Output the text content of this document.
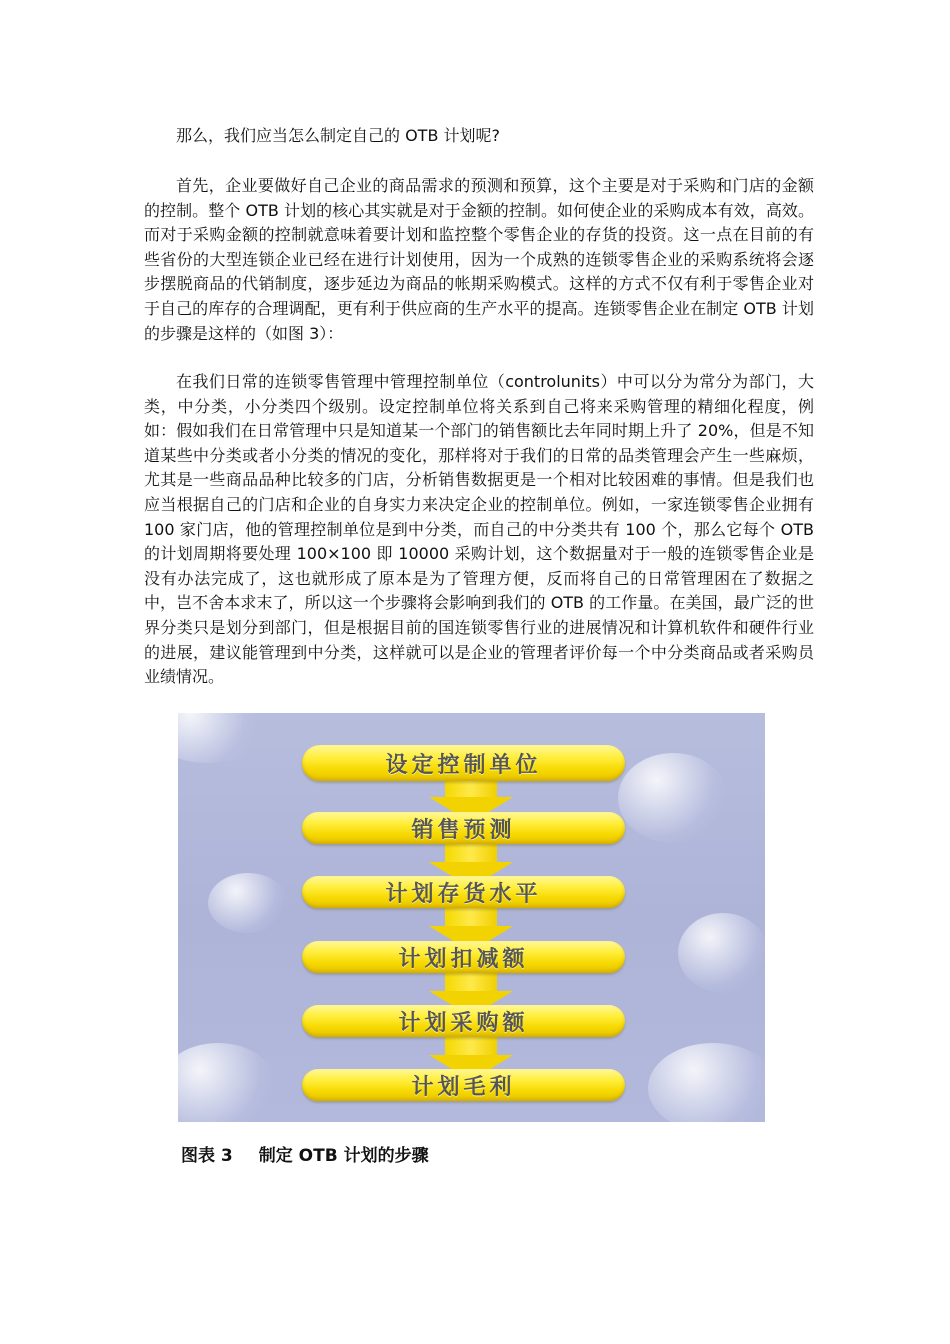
那么，我们应当怎么制定自己的 OTB 计划呢?

首先，企业要做好自己企业的商品需求的预测和预算，这个主要是对于采购和门店的金额的控制。整个 OTB 计划的核心其实就是对于金额的控制。如何使企业的采购成本有效，高效。而对于采购金额的控制就意味着要计划和监控整个零售企业的存货的投资。这一点在目前的有些省份的大型连锁企业已经在进行计划使用，因为一个成熟的连锁零售企业的采购系统将会逐步摆脱商品的代销制度，逐步延边为商品的帐期采购模式。这样的方式不仅有利于零售企业对于自己的库存的合理调配，更有利于供应商的生产水平的提高。连锁零售企业在制定 OTB 计划的步骤是这样的（如图 3）：

在我们日常的连锁零售管理中管理控制单位（controlunits）中可以分为常分为部门，大类，中分类，小分类四个级别。设定控制单位将关系到自己将来采购管理的精细化程度，例如：假如我们在日常管理中只是知道某一个部门的销售额比去年同时期上升了 20%，但是不知道某些中分类或者小分类的情况的变化，那样将对于我们的日常的品类管理会产生一些麻烦，尤其是一些商品品种比较多的门店，分析销售数据更是一个相对比较困难的事情。但是我们也应当根据自己的门店和企业的自身实力来决定企业的控制单位。例如，一家连锁零售企业拥有 100 家门店，他的管理控制单位是到中分类，而自己的中分类共有 100 个，那么它每个 OTB 的计划周期将要处理 100×100 即 10000 采购计划，这个数据量对于一般的连锁零售企业是没有办法完成了，这也就形成了原本是为了管理方便，反而将自己的日常管理困在了数据之中，岂不舍本求末了，所以这一个步骤将会影响到我们的 OTB 的工作量。在美国，最广泛的世界分类只是划分到部门，但是根据目前的国连锁零售行业的进展情况和计算机软件和硬件行业的进展，建议能管理到中分类，这样就可以是企业的管理者评价每一个中分类商品或者采购员业绩情况。

设定控制单位
销售预测
计划存货水平
计划扣减额
计划采购额
计划毛利
图表 3 制定 OTB 计划的步骤
